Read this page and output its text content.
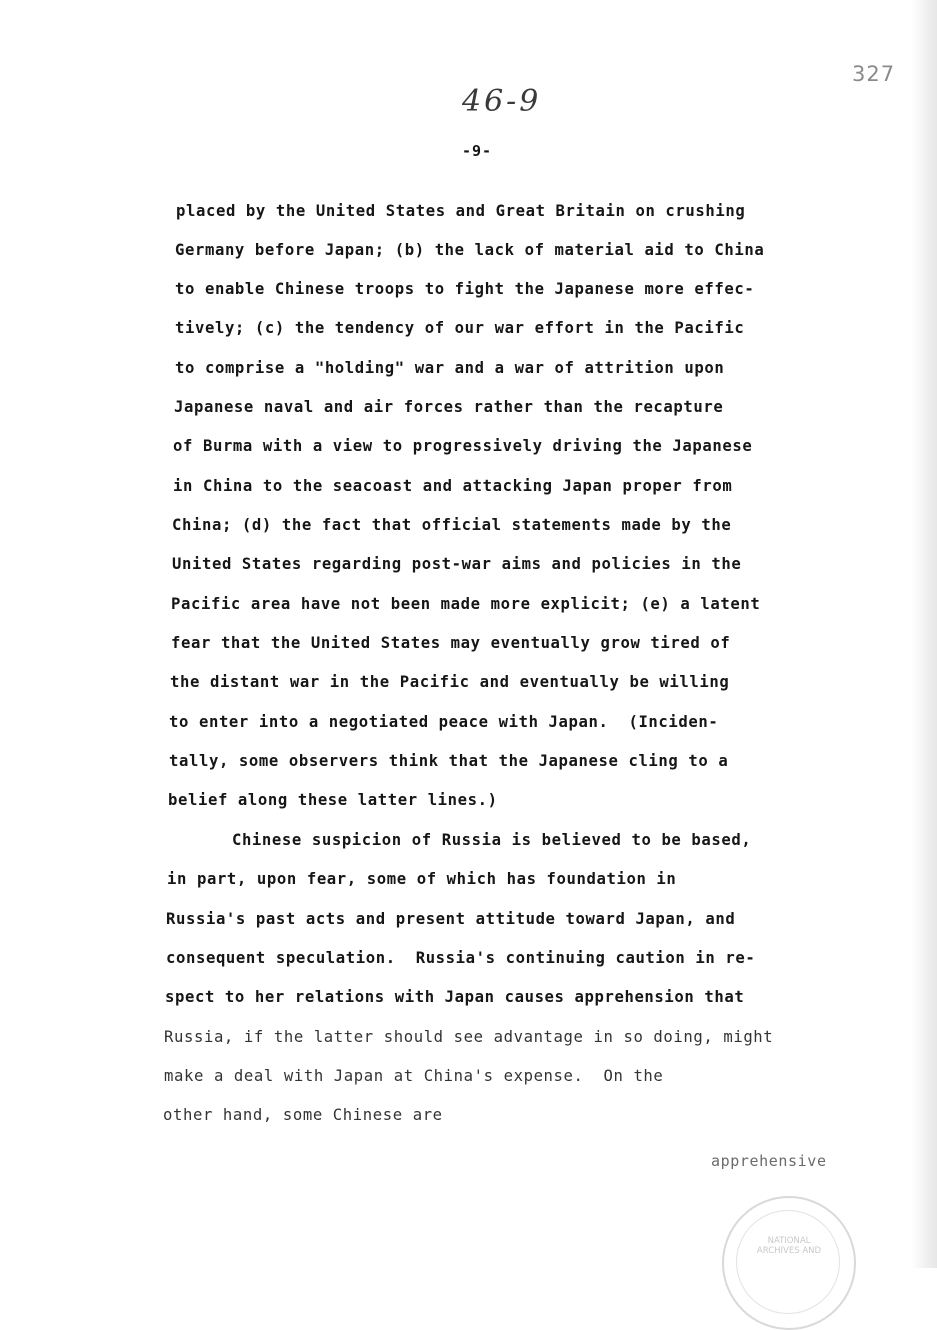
327
46-9
-9-
placed by the United States and Great Britain on crushing
Germany before Japan; (b) the lack of material aid to China
to enable Chinese troops to fight the Japanese more effec-
tively; (c) the tendency of our war effort in the Pacific
to comprise a "holding" war and a war of attrition upon
Japanese naval and air forces rather than the recapture
of Burma with a view to progressively driving the Japanese
in China to the seacoast and attacking Japan proper from
China; (d) the fact that official statements made by the
United States regarding post-war aims and policies in the
Pacific area have not been made more explicit; (e) a latent
fear that the United States may eventually grow tired of
the distant war in the Pacific and eventually be willing
to enter into a negotiated peace with Japan.  (Inciden-
tally, some observers think that the Japanese cling to a
belief along these latter lines.)
Chinese suspicion of Russia is believed to be based,
in part, upon fear, some of which has foundation in
Russia's past acts and present attitude toward Japan, and
consequent speculation.  Russia's continuing caution in re-
spect to her relations with Japan causes apprehension that
Russia, if the latter should see advantage in so doing, might
make a deal with Japan at China's expense.  On the
other hand, some Chinese are
apprehensive
NATIONAL ARCHIVES AND
